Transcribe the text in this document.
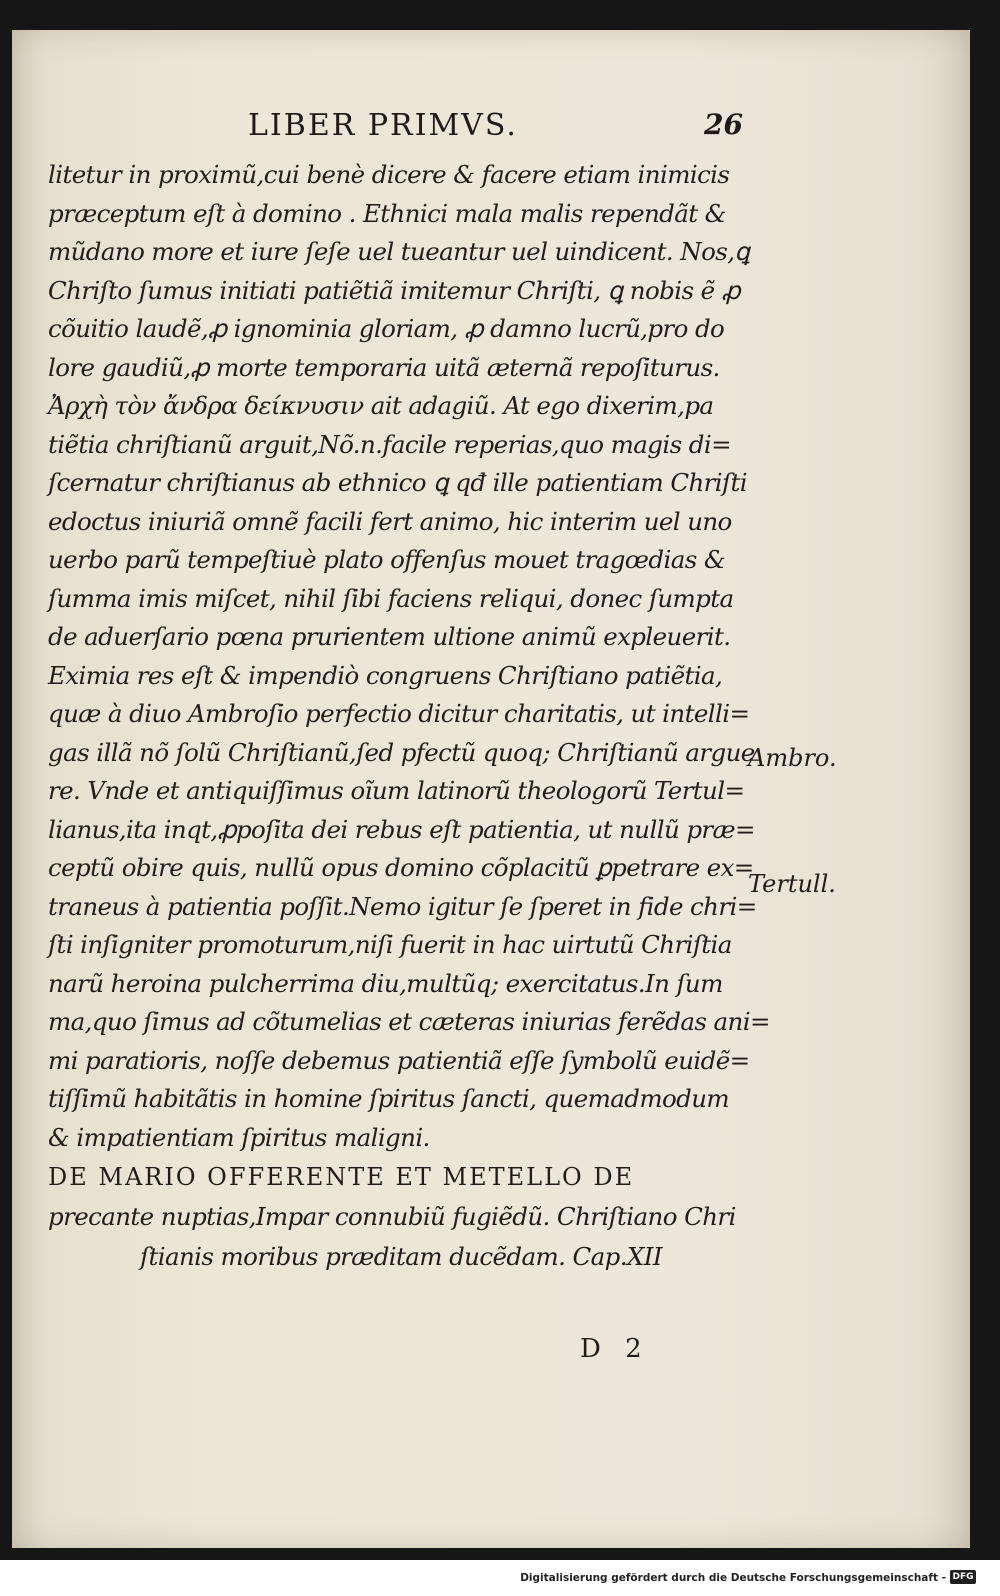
LIBER PRIMVS.	26
litetur in proximũ,cui benè dicere & facere etiam inimicis
præceptum eſt à domino . Ethnici mala malis rependãt &
mũdano more et iure ſeſe uel tueantur uel uindicent. Nos,ꝗ
Chriſto ſumus initiati patiẽtiã imitemur Chriſti, ꝗ nobis ẽ ꝓ
cõuitio laudẽ,ꝓ ignominia gloriam, ꝓ damno lucrũ,pro do
lore gaudiũ,ꝓ morte temporaria uitã æternã repoſiturus.
Ἀρχὴ τὸν ἄνδρα δείκνυσιν ait adagiũ. At ego dixerim,pa
tiẽtia chriſtianũ arguit,Nõ.n.facile reperias,quo magis di=
ſcernatur chriſtianus ab ethnico ꝗ qđ ille patientiam Chriſti
edoctus iniuriã omnẽ facili fert animo, hic interim uel uno
uerbo parũ tempeſtiuè plato offenſus mouet tragœdias &
ſumma imis miſcet, nihil ſibi faciens reliqui, donec ſumpta
de aduerſario pœna prurientem ultione animũ expleuerit.
Eximia res eſt & impendiò congruens Chriſtiano patiẽtia,
quæ à diuo Ambroſio perfectio dicitur charitatis, ut intelli=
gas illã nõ ſolũ Chriſtianũ,ſed pfectũ quoq; Chriſtianũ argue
re. Vnde et antiquiſſimus oĩum latinorũ theologorũ Tertul=
lianus,ita inqt,ꝓpoſita dei rebus eſt patientia, ut nullũ præ=
ceptũ obire quis, nullũ opus domino cõplacitũ ꝑpetrare ex=
traneus à patientia poſſit.Nemo igitur ſe ſperet in fide chri=
ſti inſigniter promoturum,niſi fuerit in hac uirtutũ Chriſtia
narũ heroina pulcherrima diu,multũq; exercitatus.In ſum
ma,quo ſimus ad cõtumelias et cæteras iniurias ferẽdas ani=
mi paratioris, noſſe debemus patientiã eſſe ſymbolũ euidẽ=
tiſſimũ habitãtis in homine ſpiritus ſancti, quemadmodum
& impatientiam ſpiritus maligni.
DE MARIO OFFERENTE ET METELLO DE
precante nuptias,Impar connubiũ fugiẽdũ. Chriſtiano Chri
ſtianis moribus præditam ducẽdam. Cap.XII
Ambro.
Tertull.
D 2
Digitalisierung gefördert durch die Deutsche Forschungsgemeinschaft - DFG
